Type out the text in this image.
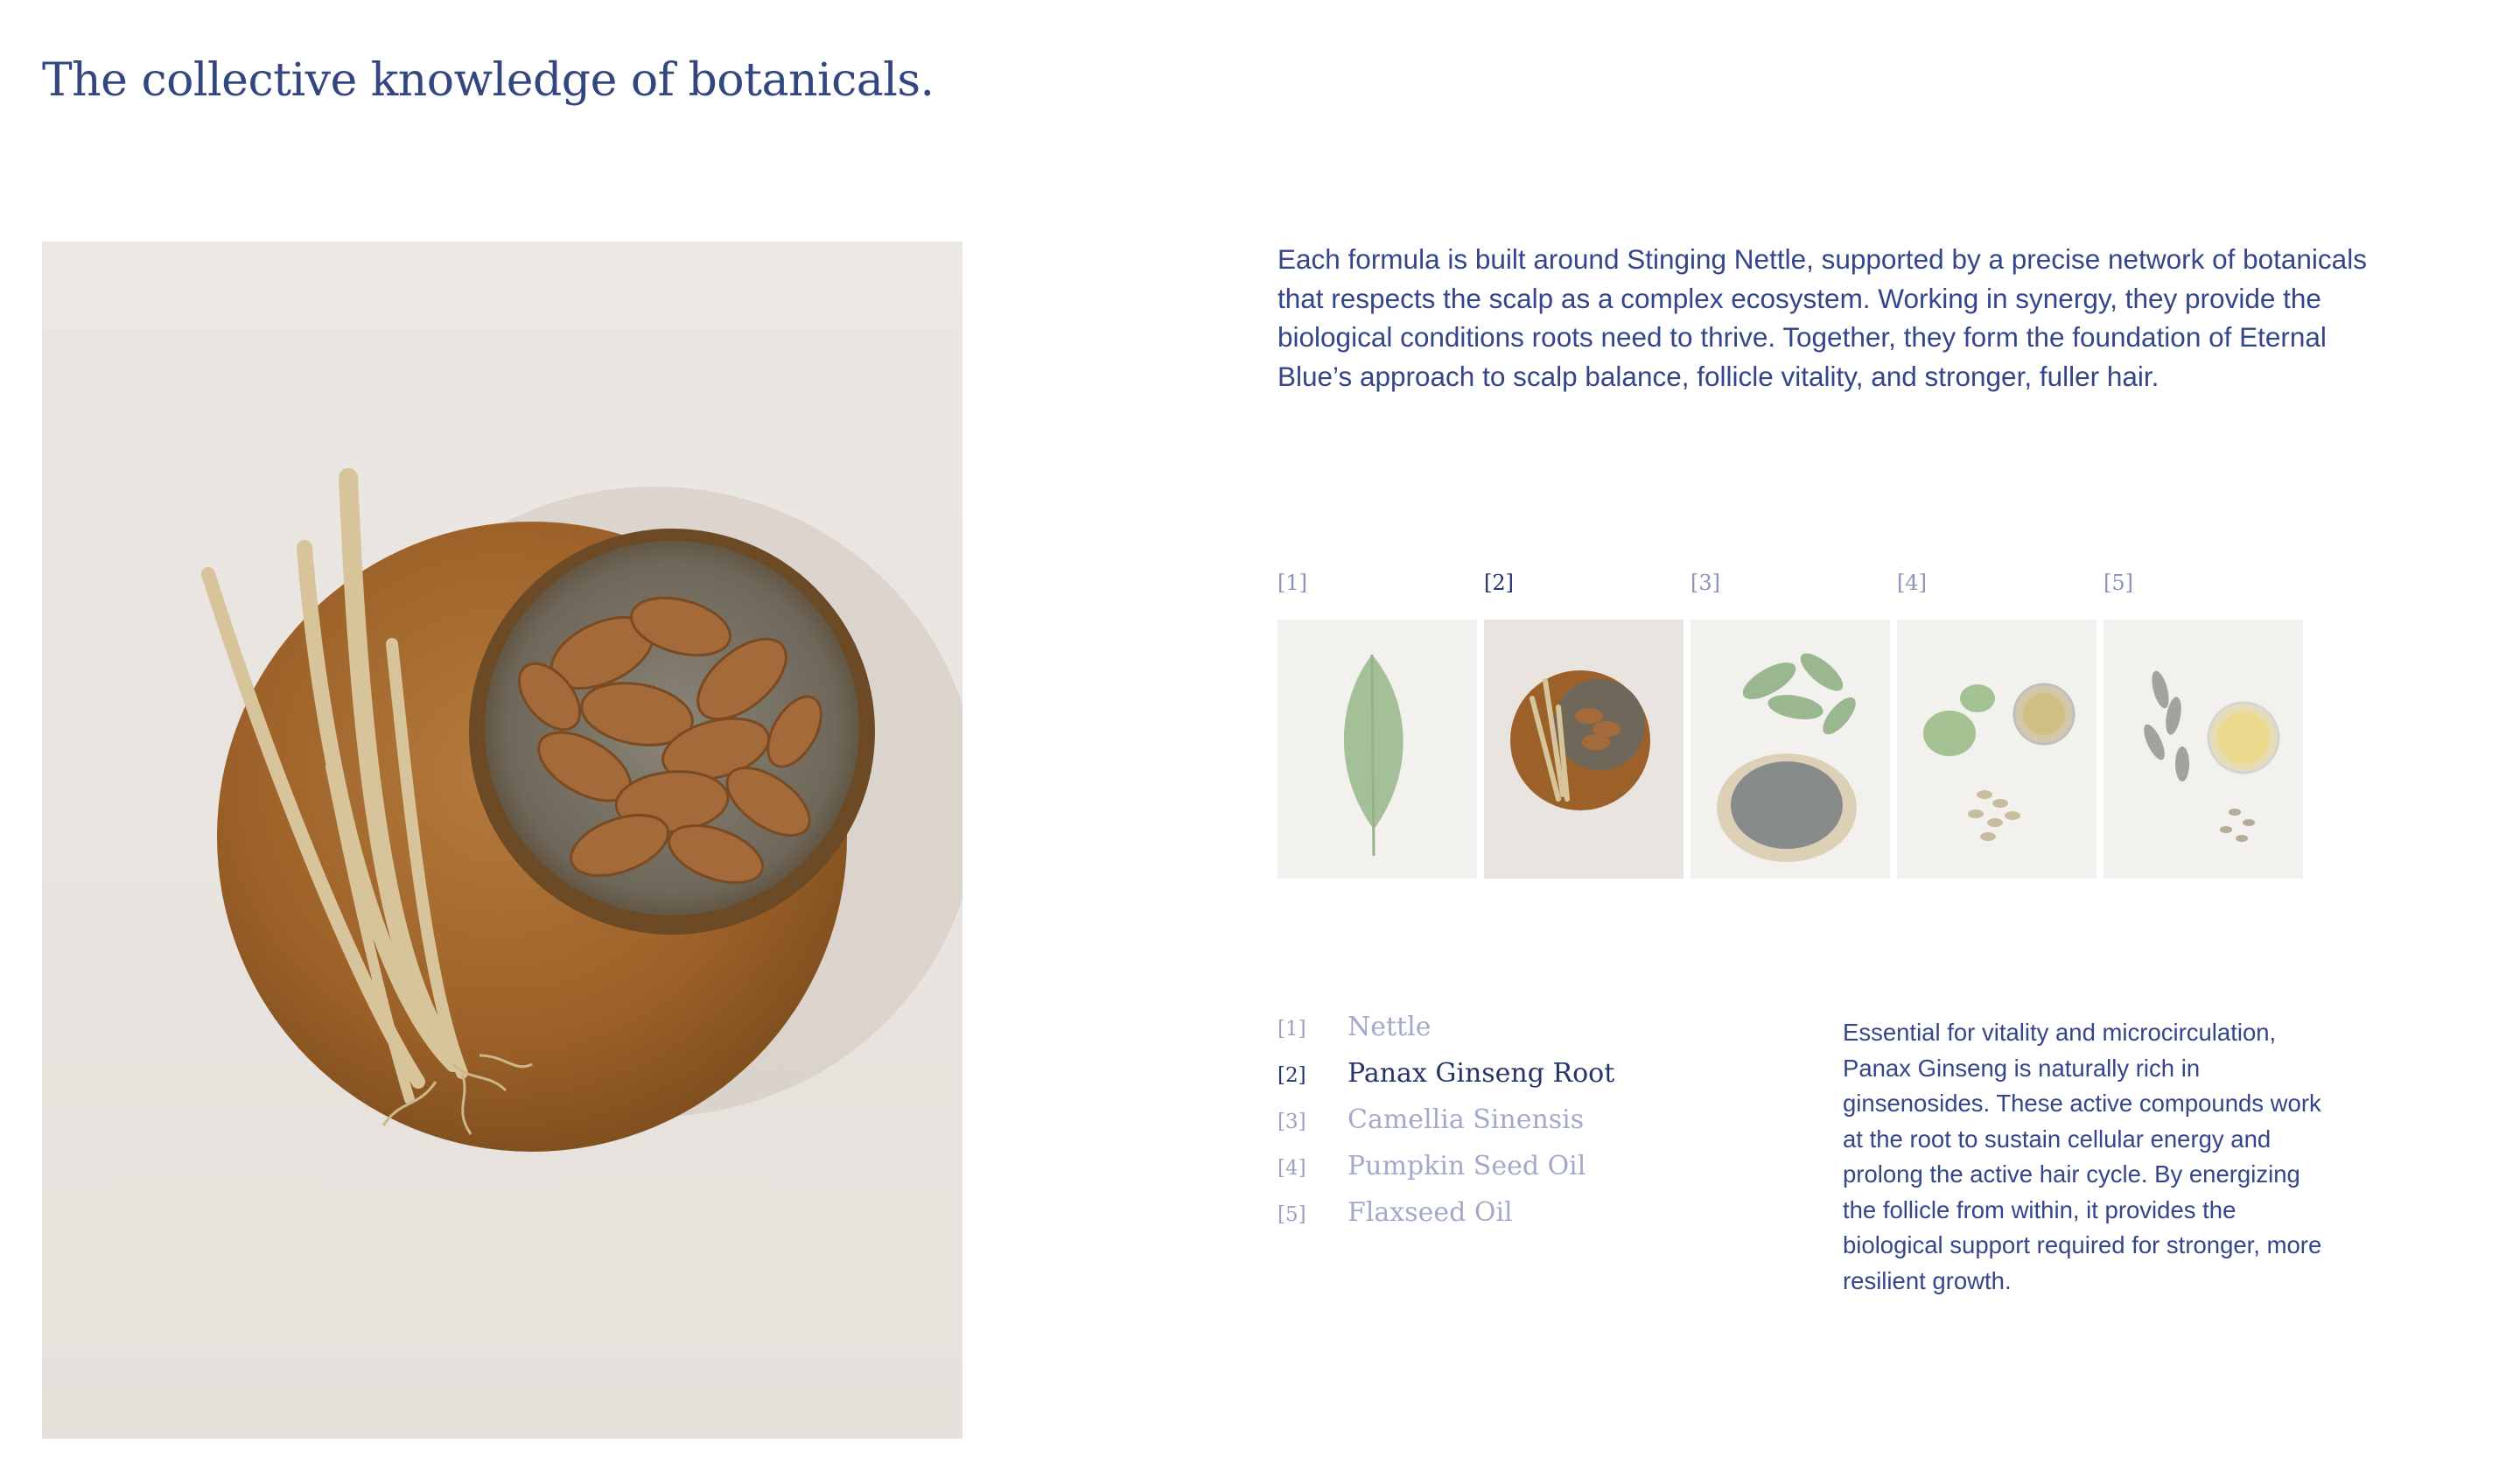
The collective knowledge of botanicals.

Each formula is built around Stinging Nettle, supported by a precise network of botanicals that respects the scalp as a complex ecosystem. Working in synergy, they provide the biological conditions roots need to thrive. Together, they form the foundation of Eternal Blue’s approach to scalp balance, follicle vitality, and stronger, fuller hair.

[1]	[2]	[3]	[4]	[5]
[1]	Nettle
[2]	Panax Ginseng Root
[3]	Camellia Sinensis
[4]	Pumpkin Seed Oil
[5]	Flaxseed Oil

Essential for vitality and microcirculation, Panax Ginseng is naturally rich in ginsenosides. These active compounds work at the root to sustain cellular energy and prolong the active hair cycle. By energizing the follicle from within, it provides the biological support required for stronger, more resilient growth.
